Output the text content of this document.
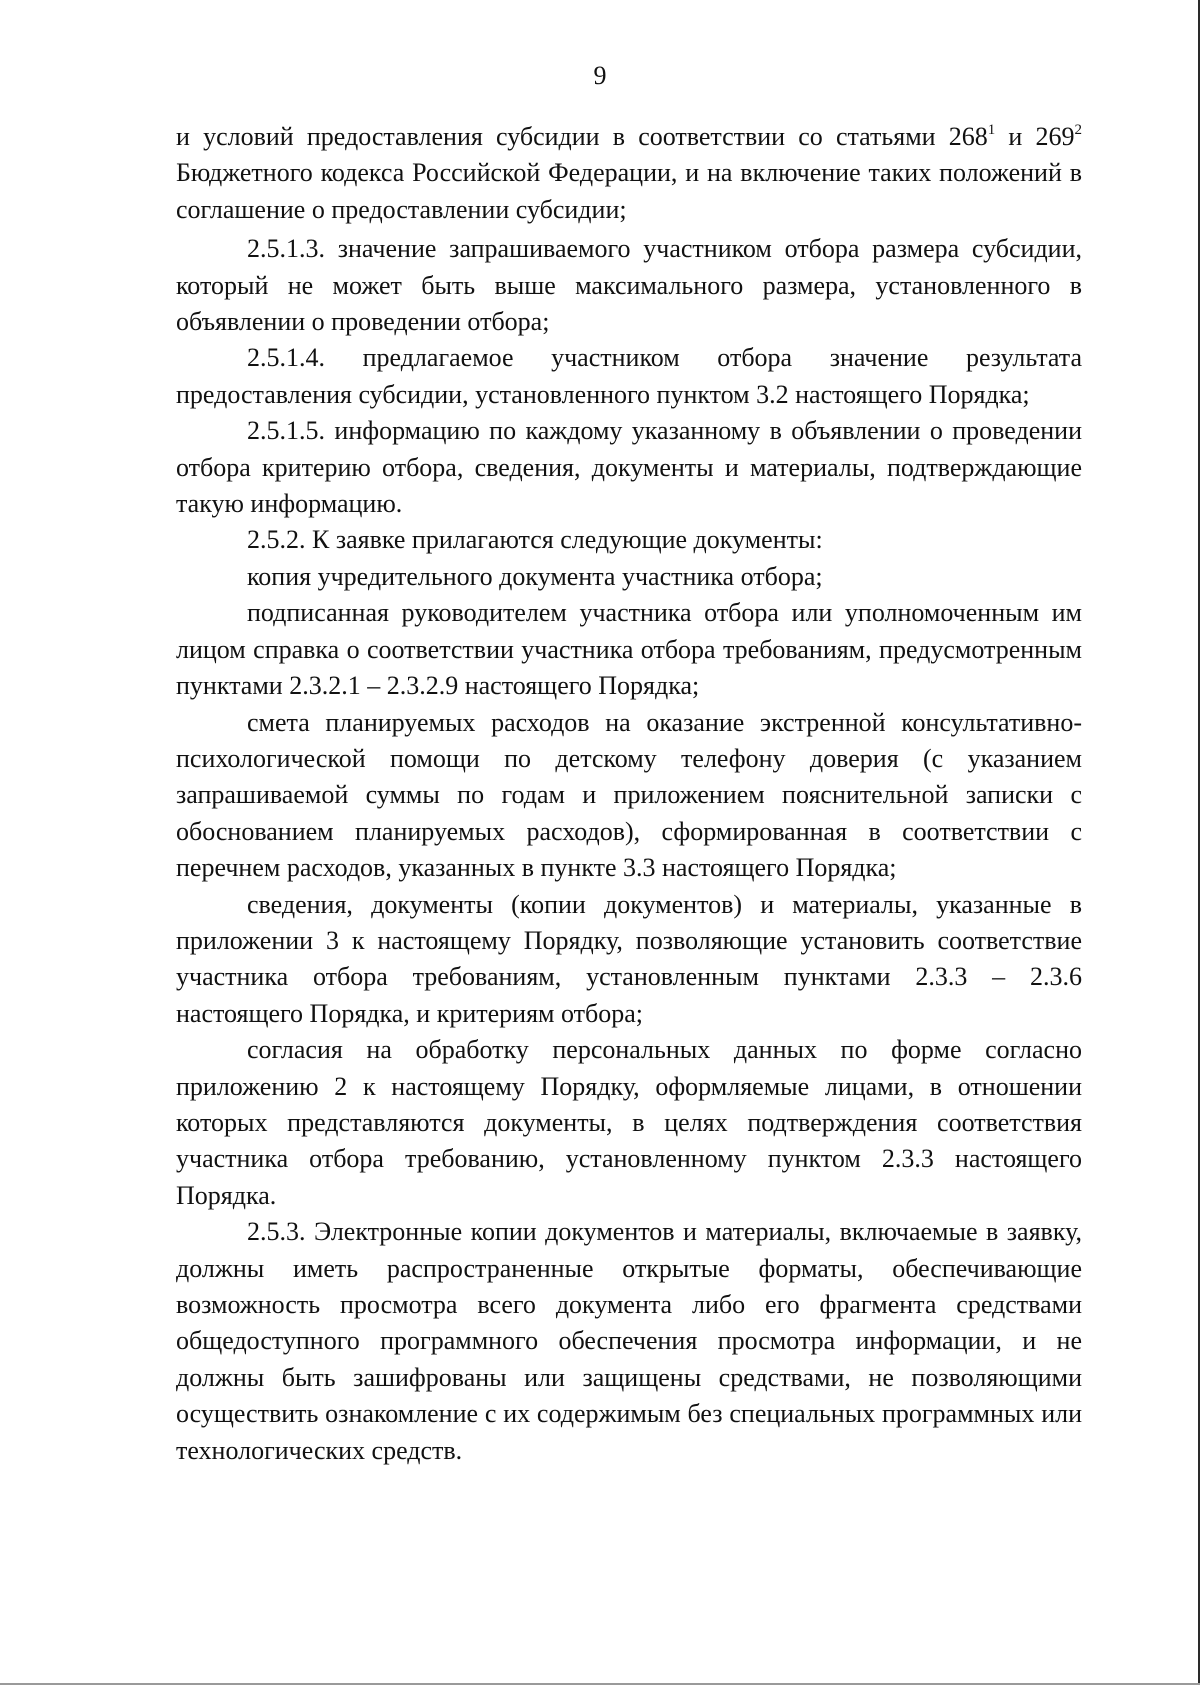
9

и условий предоставления субсидии в соответствии со статьями $268^1$ и $269^2$ Бюджетного кодекса Российской Федерации, и на включение таких положений в соглашение о предоставлении субсидии;

2.5.1.3. значение запрашиваемого участником отбора размера субсидии, который не может быть выше максимального размера, установленного в объявлении о проведении отбора;

2.5.1.4. предлагаемое участником отбора значение результата предоставления субсидии, установленного пунктом 3.2 настоящего Порядка;

2.5.1.5. информацию по каждому указанному в объявлении о проведении отбора критерию отбора, сведения, документы и материалы, подтверждающие такую информацию.

2.5.2. К заявке прилагаются следующие документы:

копия учредительного документа участника отбора;

подписанная руководителем участника отбора или уполномоченным им лицом справка о соответствии участника отбора требованиям, предусмотренным пунктами 2.3.2.1 – 2.3.2.9 настоящего Порядка;

смета планируемых расходов на оказание экстренной консультативно-психологической помощи по детскому телефону доверия (с указанием запрашиваемой суммы по годам и приложением пояснительной записки с обоснованием планируемых расходов), сформированная в соответствии с перечнем расходов, указанных в пункте 3.3 настоящего Порядка;

сведения, документы (копии документов) и материалы, указанные в приложении 3 к настоящему Порядку, позволяющие установить соответствие участника отбора требованиям, установленным пунктами 2.3.3 – 2.3.6 настоящего Порядка, и критериям отбора;

согласия на обработку персональных данных по форме согласно приложению 2 к настоящему Порядку, оформляемые лицами, в отношении которых представляются документы, в целях подтверждения соответствия участника отбора требованию, установленному пунктом 2.3.3 настоящего Порядка.

2.5.3. Электронные копии документов и материалы, включаемые в заявку, должны иметь распространенные открытые форматы, обеспечивающие возможность просмотра всего документа либо его фрагмента средствами общедоступного программного обеспечения просмотра информации, и не должны быть зашифрованы или защищены средствами, не позволяющими осуществить ознакомление с их содержимым без специальных программных или технологических средств.
